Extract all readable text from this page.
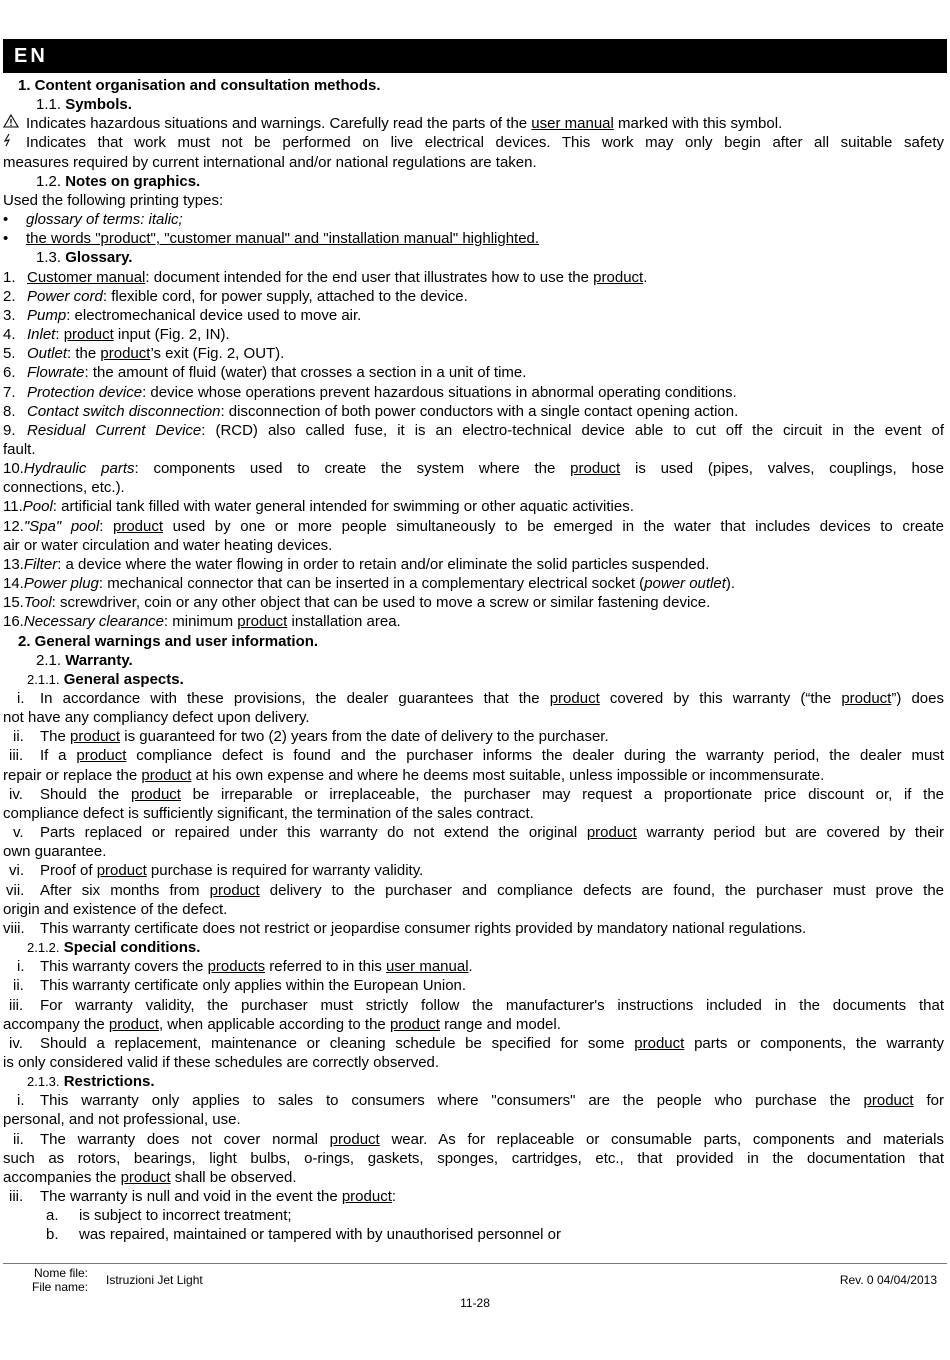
EN
1. Content organisation and consultation methods.
1.1. Symbols.
Indicates hazardous situations and warnings. Carefully read the parts of the user manual marked with this symbol.
Indicates that work must not be performed on live electrical devices. This work may only begin after all suitable safety
measures required by current international and/or national regulations are taken.
1.2. Notes on graphics.
Used the following printing types:
• glossary of terms: italic;
• the words "product", "customer manual" and "installation manual" highlighted.
1.3. Glossary.
1. Customer manual: document intended for the end user that illustrates how to use the product.
2. Power cord: flexible cord, for power supply, attached to the device.
3. Pump: electromechanical device used to move air.
4. Inlet: product input (Fig. 2, IN).
5. Outlet: the product’s exit (Fig. 2, OUT).
6. Flowrate: the amount of fluid (water) that crosses a section in a unit of time.
7. Protection device: device whose operations prevent hazardous situations in abnormal operating conditions.
8. Contact switch disconnection: disconnection of both power conductors with a single contact opening action.
9. Residual Current Device: (RCD) also called fuse, it is an electro-technical device able to cut off the circuit in the event of
fault.
10. Hydraulic parts: components used to create the system where the product is used (pipes, valves, couplings, hose
connections, etc.).
11.Pool: artificial tank filled with water general intended for swimming or other aquatic activities.
12. "Spa" pool: product used by one or more people simultaneously to be emerged in the water that includes devices to create
air or water circulation and water heating devices.
13.Filter: a device where the water flowing in order to retain and/or eliminate the solid particles suspended.
14.Power plug: mechanical connector that can be inserted in a complementary electrical socket (power outlet).
15.Tool: screwdriver, coin or any other object that can be used to move a screw or similar fastening device.
16.Necessary clearance: minimum product installation area.
2. General warnings and user information.
2.1. Warranty.
2.1.1. General aspects.
i.	In accordance with these provisions, the dealer guarantees that the product covered by this warranty (“the product”) does
not have any compliancy defect upon delivery.
ii. The product is guaranteed for two (2) years from the date of delivery to the purchaser.
iii.	If a product compliance defect is found and the purchaser informs the dealer during the warranty period, the dealer must
repair or replace the product at his own expense and where he deems most suitable, unless impossible or incommensurate.
iv.	Should the product be irreparable or irreplaceable, the purchaser may request a proportionate price discount or, if the
compliance defect is sufficiently significant, the termination of the sales contract.
v.	Parts replaced or repaired under this warranty do not extend the original product warranty period but are covered by their
own guarantee.
vi. Proof of product purchase is required for warranty validity.
vii.	After six months from product delivery to the purchaser and compliance defects are found, the purchaser must prove the
origin and existence of the defect.
viii. This warranty certificate does not restrict or jeopardise consumer rights provided by mandatory national regulations.
2.1.2. Special conditions.
i. This warranty covers the products referred to in this user manual.
ii. This warranty certificate only applies within the European Union.
iii.	For warranty validity, the purchaser must strictly follow the manufacturer's instructions included in the documents that
accompany the product, when applicable according to the product range and model.
iv.	Should a replacement, maintenance or cleaning schedule be specified for some product parts or components, the warranty
is only considered valid if these schedules are correctly observed.
2.1.3. Restrictions.
i.	This warranty only applies to sales to consumers where "consumers" are the people who purchase the product for
personal, and not professional, use.
ii.	The warranty does not cover normal product wear. As for replaceable or consumable parts, components and materials
such as rotors, bearings, light bulbs, o-rings, gaskets, sponges, cartridges, etc., that provided in the documentation that
accompanies the product shall be observed.
iii. The warranty is null and void in the event the product:
a. is subject to incorrect treatment;
b. was repaired, maintained or tampered with by unauthorised personnel or
Nome file:
File name: Istruzioni Jet Light	Rev. 0 04/04/2013
11-28
